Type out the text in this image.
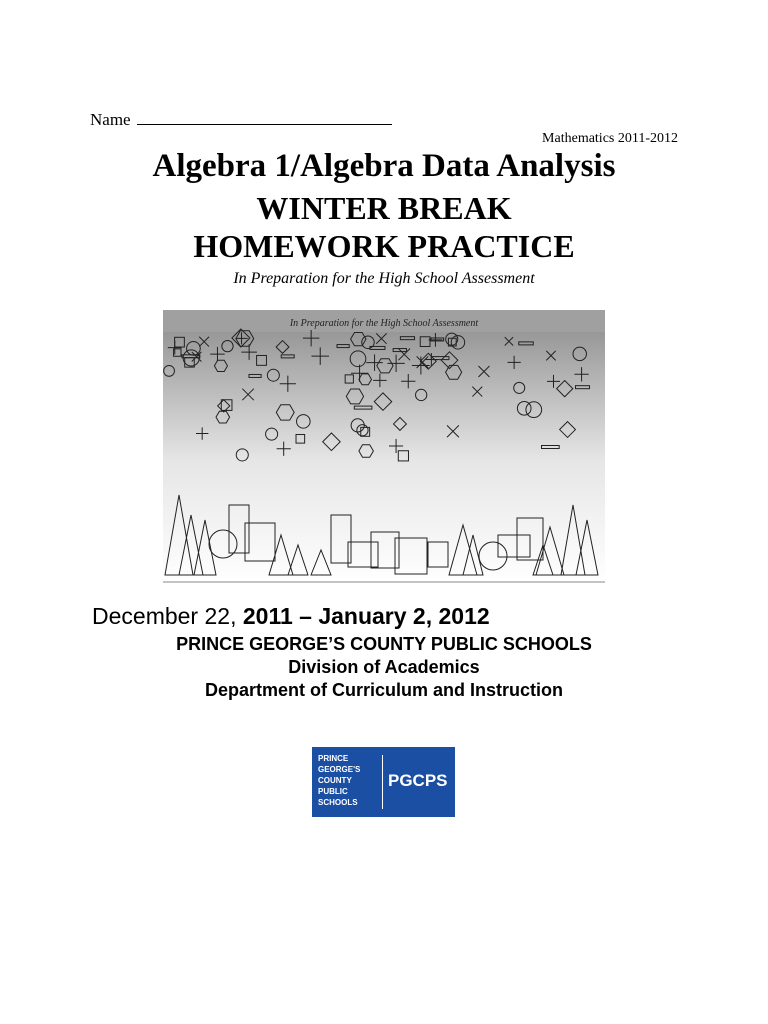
Name
Mathematics 2011-2012
Algebra 1/Algebra Data Analysis
WINTER BREAK
HOMEWORK PRACTICE
In Preparation for the High School Assessment
In Preparation for the High School Assessment
December 22, 2011 – January 2, 2012
PRINCE GEORGE’S COUNTY PUBLIC SCHOOLS
Division of Academics
Department of Curriculum and Instruction
PRINCE
GEORGE'S
COUNTY
PUBLIC
SCHOOLS
PGCPS
